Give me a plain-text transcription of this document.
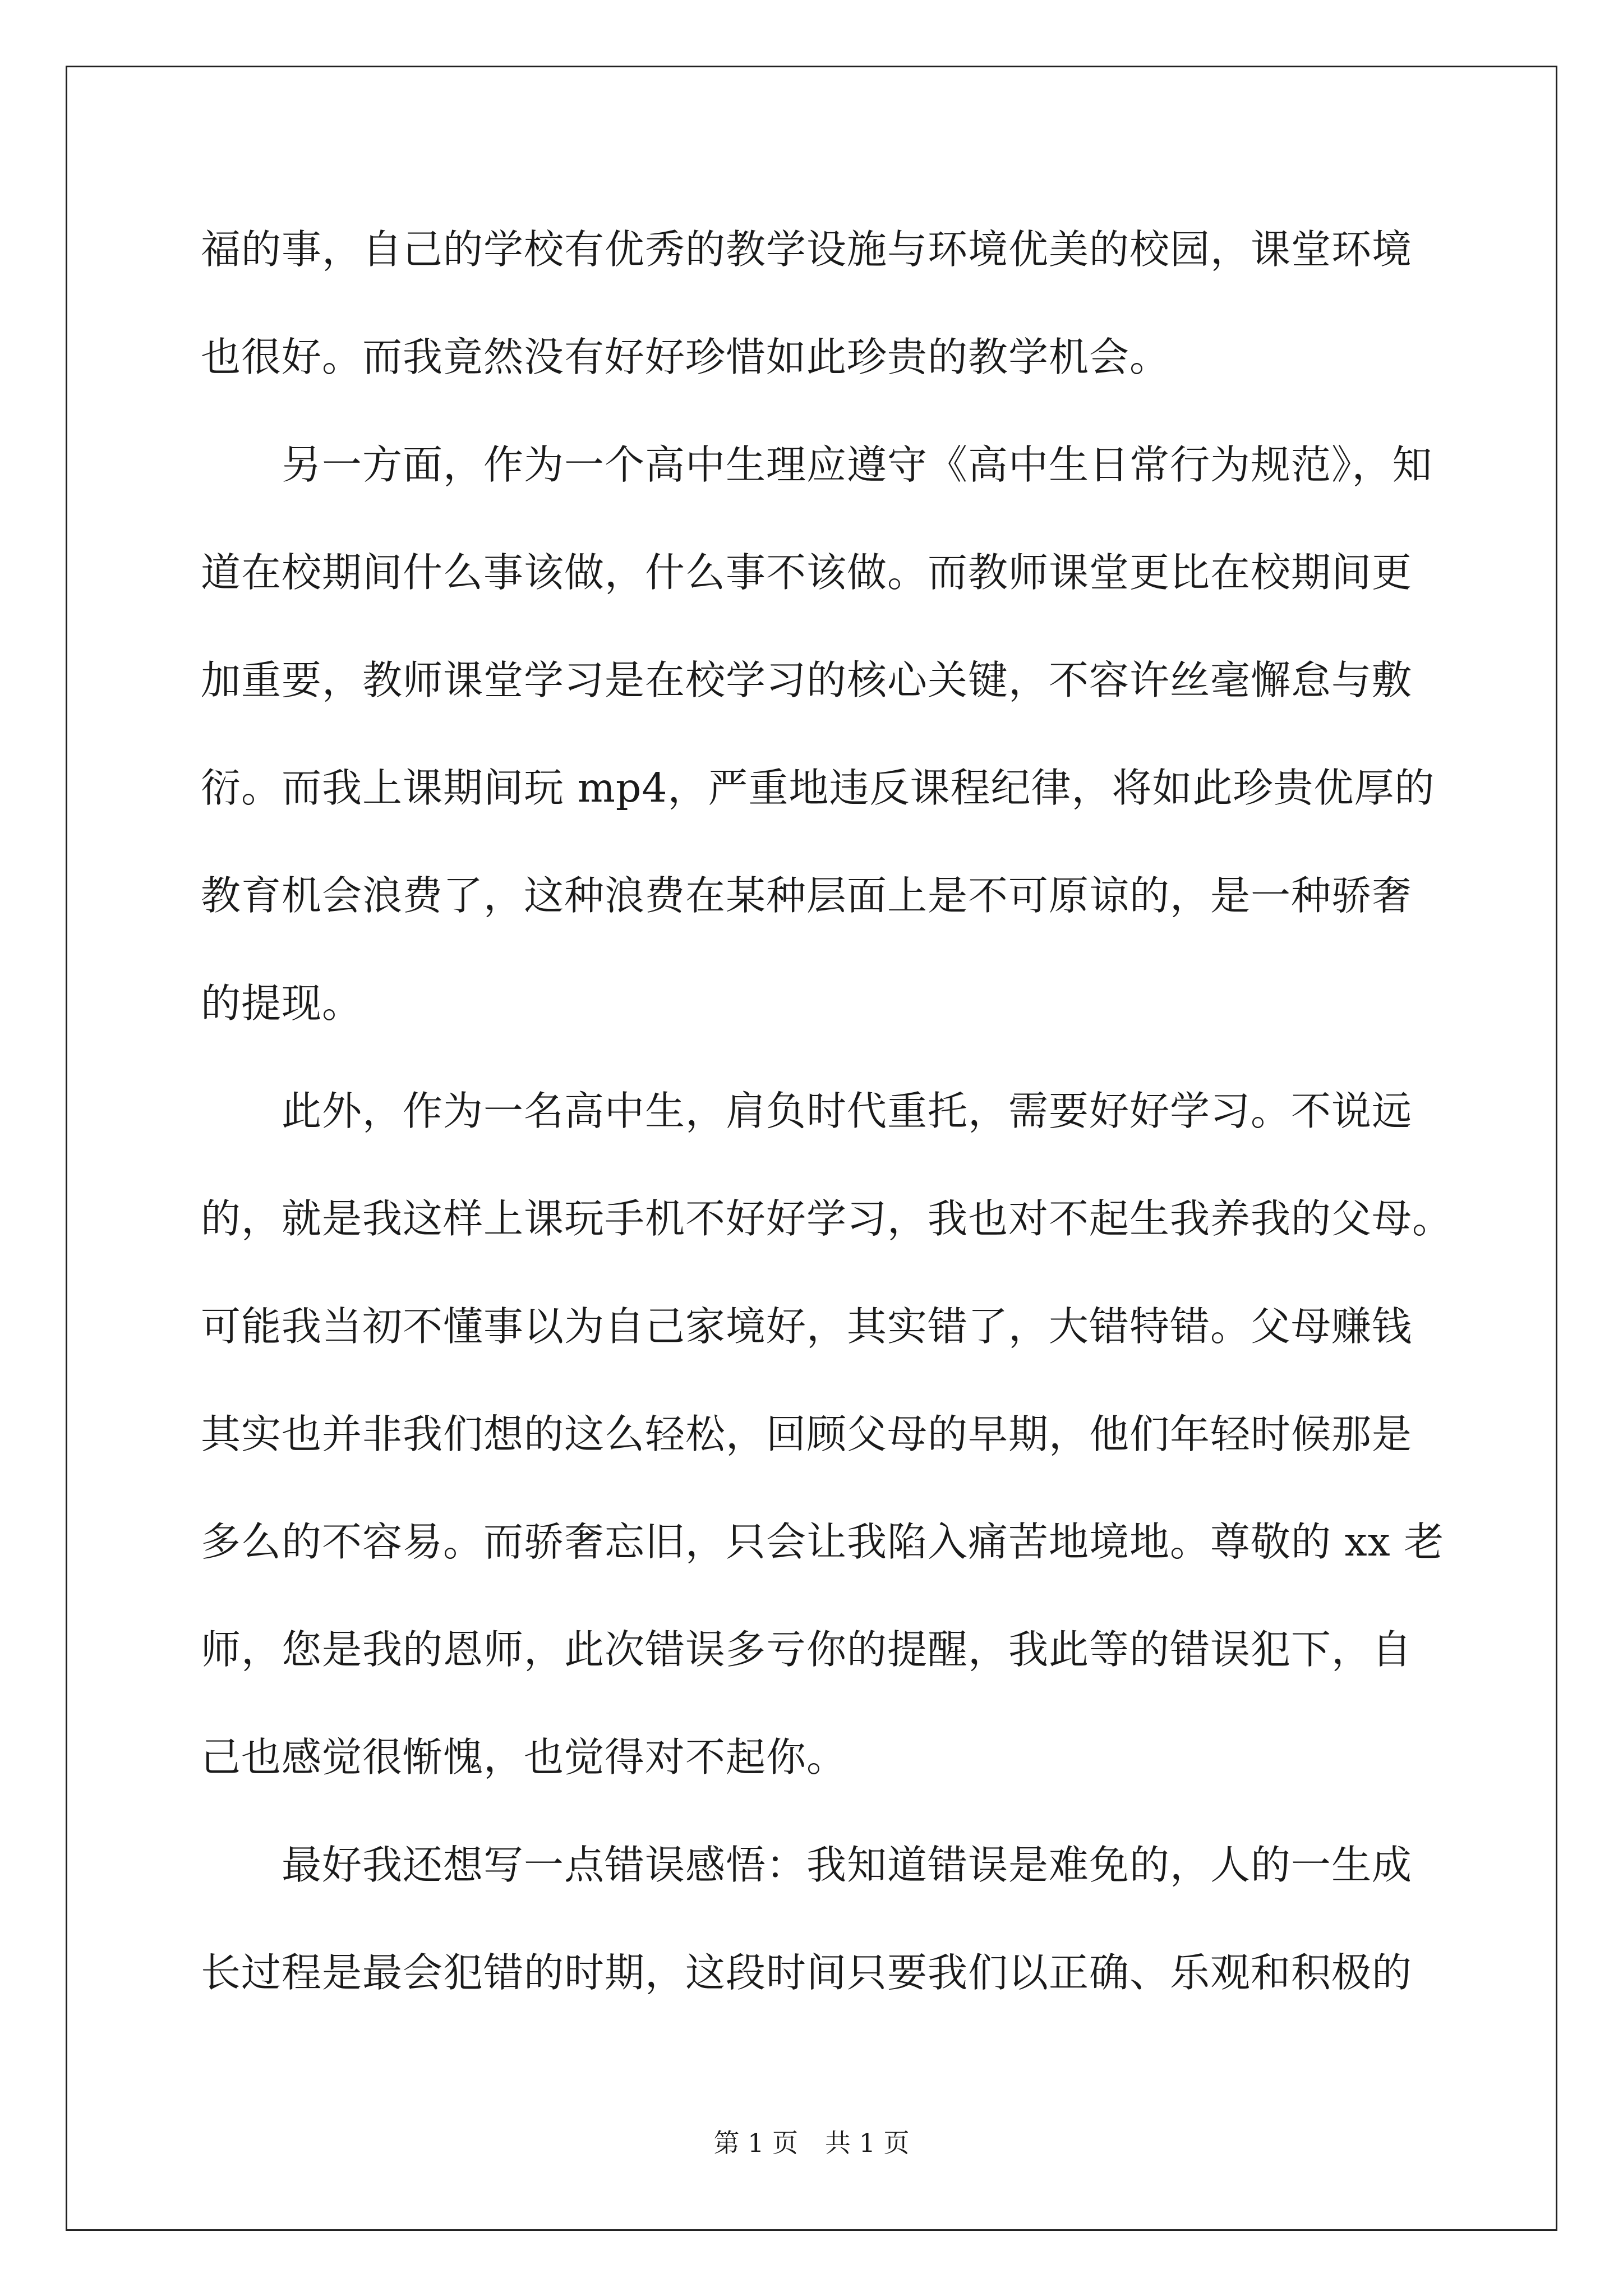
福的事，自己的学校有优秀的教学设施与环境优美的校园，课堂环境
也很好。而我竟然没有好好珍惜如此珍贵的教学机会。
　　另一方面，作为一个高中生理应遵守《高中生日常行为规范》，知
道在校期间什么事该做，什么事不该做。而教师课堂更比在校期间更
加重要，教师课堂学习是在校学习的核心关键，不容许丝毫懈怠与敷
衍。而我上课期间玩 mp4，严重地违反课程纪律，将如此珍贵优厚的
教育机会浪费了，这种浪费在某种层面上是不可原谅的，是一种骄奢
的提现。
　　此外，作为一名高中生，肩负时代重托，需要好好学习。不说远
的，就是我这样上课玩手机不好好学习，我也对不起生我养我的父母。
可能我当初不懂事以为自己家境好，其实错了，大错特错。父母赚钱
其实也并非我们想的这么轻松，回顾父母的早期，他们年轻时候那是
多么的不容易。而骄奢忘旧，只会让我陷入痛苦地境地。尊敬的 xx 老
师，您是我的恩师，此次错误多亏你的提醒，我此等的错误犯下，自
己也感觉很惭愧，也觉得对不起你。
　　最好我还想写一点错误感悟：我知道错误是难免的，人的一生成
长过程是最会犯错的时期，这段时间只要我们以正确、乐观和积极的
第 1 页 共 1 页
